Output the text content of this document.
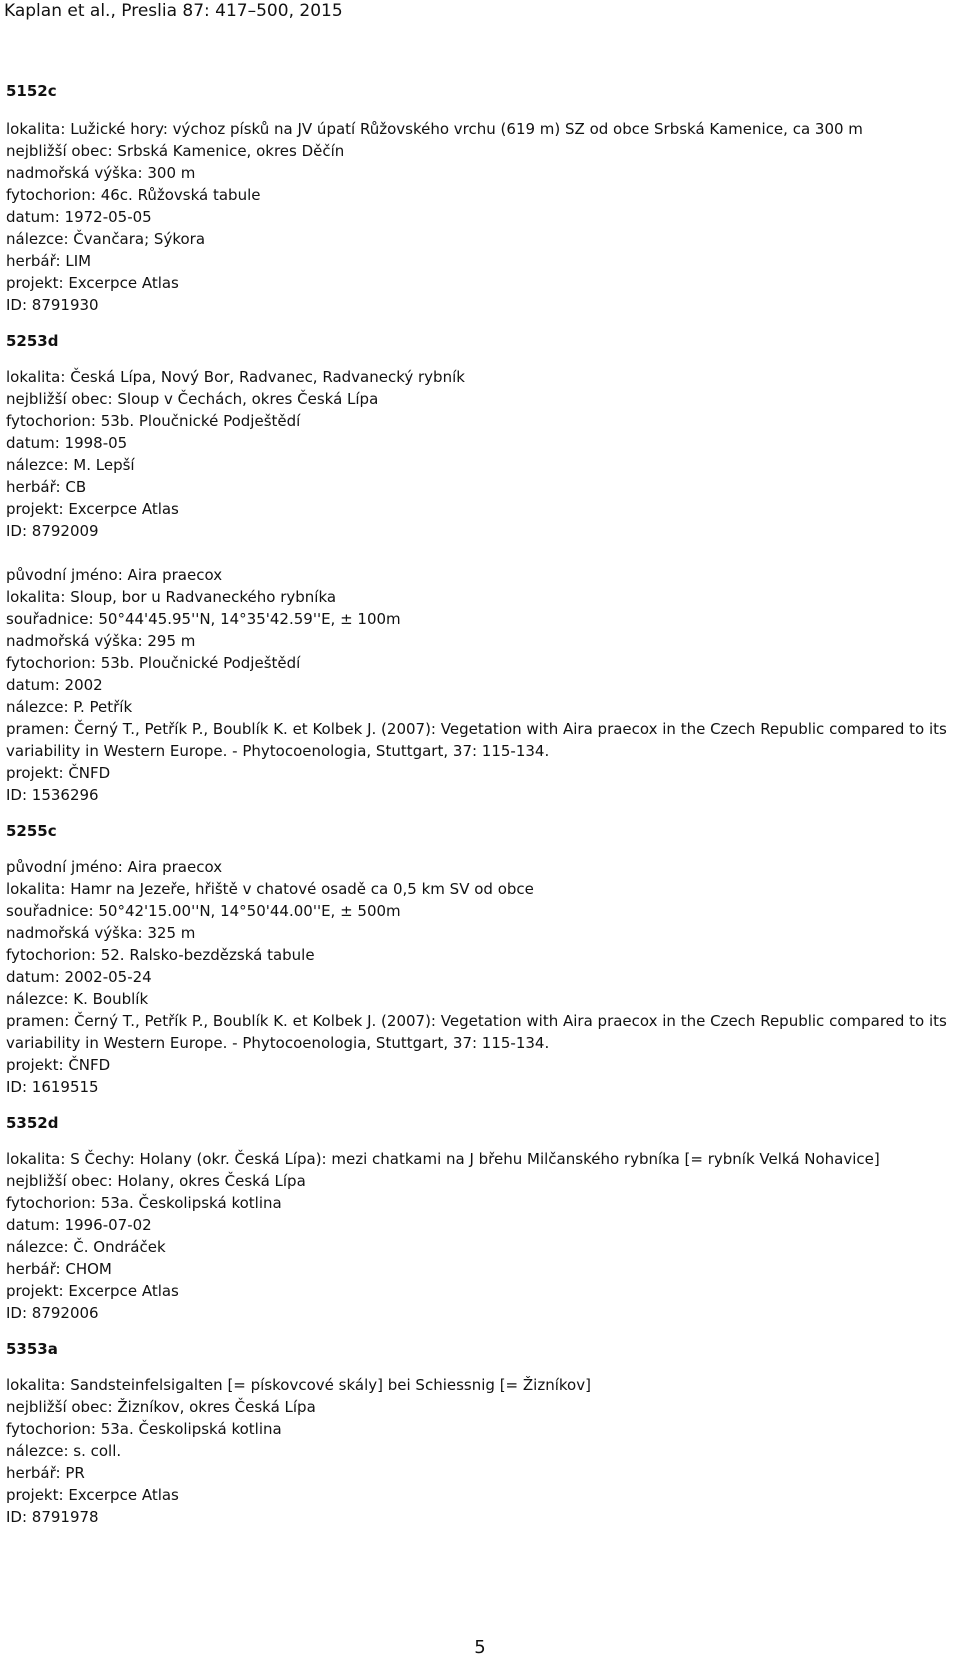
Kaplan et al., Preslia 87: 417–500, 2015
5152c
lokalita: Lužické hory: výchoz písků na JV úpatí Růžovského vrchu (619 m) SZ od obce Srbská Kamenice, ca 300 m
nejbližší obec: Srbská Kamenice, okres Děčín
nadmořská výška: 300 m
fytochorion: 46c. Růžovská tabule
datum: 1972-05-05
nálezce: Čvančara; Sýkora
herbář: LIM
projekt: Excerpce Atlas
ID: 8791930
5253d
lokalita: Česká Lípa, Nový Bor, Radvanec, Radvanecký rybník
nejbližší obec: Sloup v Čechách, okres Česká Lípa
fytochorion: 53b. Ploučnické Podještědí
datum: 1998-05
nálezce: M. Lepší
herbář: CB
projekt: Excerpce Atlas
ID: 8792009
původní jméno: Aira praecox
lokalita: Sloup, bor u Radvaneckého rybníka
souřadnice: 50°44'45.95''N, 14°35'42.59''E, ± 100m
nadmořská výška: 295 m
fytochorion: 53b. Ploučnické Podještědí
datum: 2002
nálezce: P. Petřík
pramen: Černý T., Petřík P., Boublík K. et Kolbek J. (2007): Vegetation with Aira praecox in the Czech Republic compared to its variability in Western Europe. - Phytocoenologia, Stuttgart, 37: 115-134.
projekt: ČNFD
ID: 1536296
5255c
původní jméno: Aira praecox
lokalita: Hamr na Jezeře, hřiště v chatové osadě ca 0,5 km SV od obce
souřadnice: 50°42'15.00''N, 14°50'44.00''E, ± 500m
nadmořská výška: 325 m
fytochorion: 52. Ralsko-bezdězská tabule
datum: 2002-05-24
nálezce: K. Boublík
pramen: Černý T., Petřík P., Boublík K. et Kolbek J. (2007): Vegetation with Aira praecox in the Czech Republic compared to its variability in Western Europe. - Phytocoenologia, Stuttgart, 37: 115-134.
projekt: ČNFD
ID: 1619515
5352d
lokalita: S Čechy: Holany (okr. Česká Lípa): mezi chatkami na J břehu Milčanského rybníka [= rybník Velká Nohavice]
nejbližší obec: Holany, okres Česká Lípa
fytochorion: 53a. Českolipská kotlina
datum: 1996-07-02
nálezce: Č. Ondráček
herbář: CHOM
projekt: Excerpce Atlas
ID: 8792006
5353a
lokalita: Sandsteinfelsigalten [= pískovcové skály] bei Schiessnig [= Žizníkov]
nejbližší obec: Žizníkov, okres Česká Lípa
fytochorion: 53a. Českolipská kotlina
nálezce: s. coll.
herbář: PR
projekt: Excerpce Atlas
ID: 8791978
5
